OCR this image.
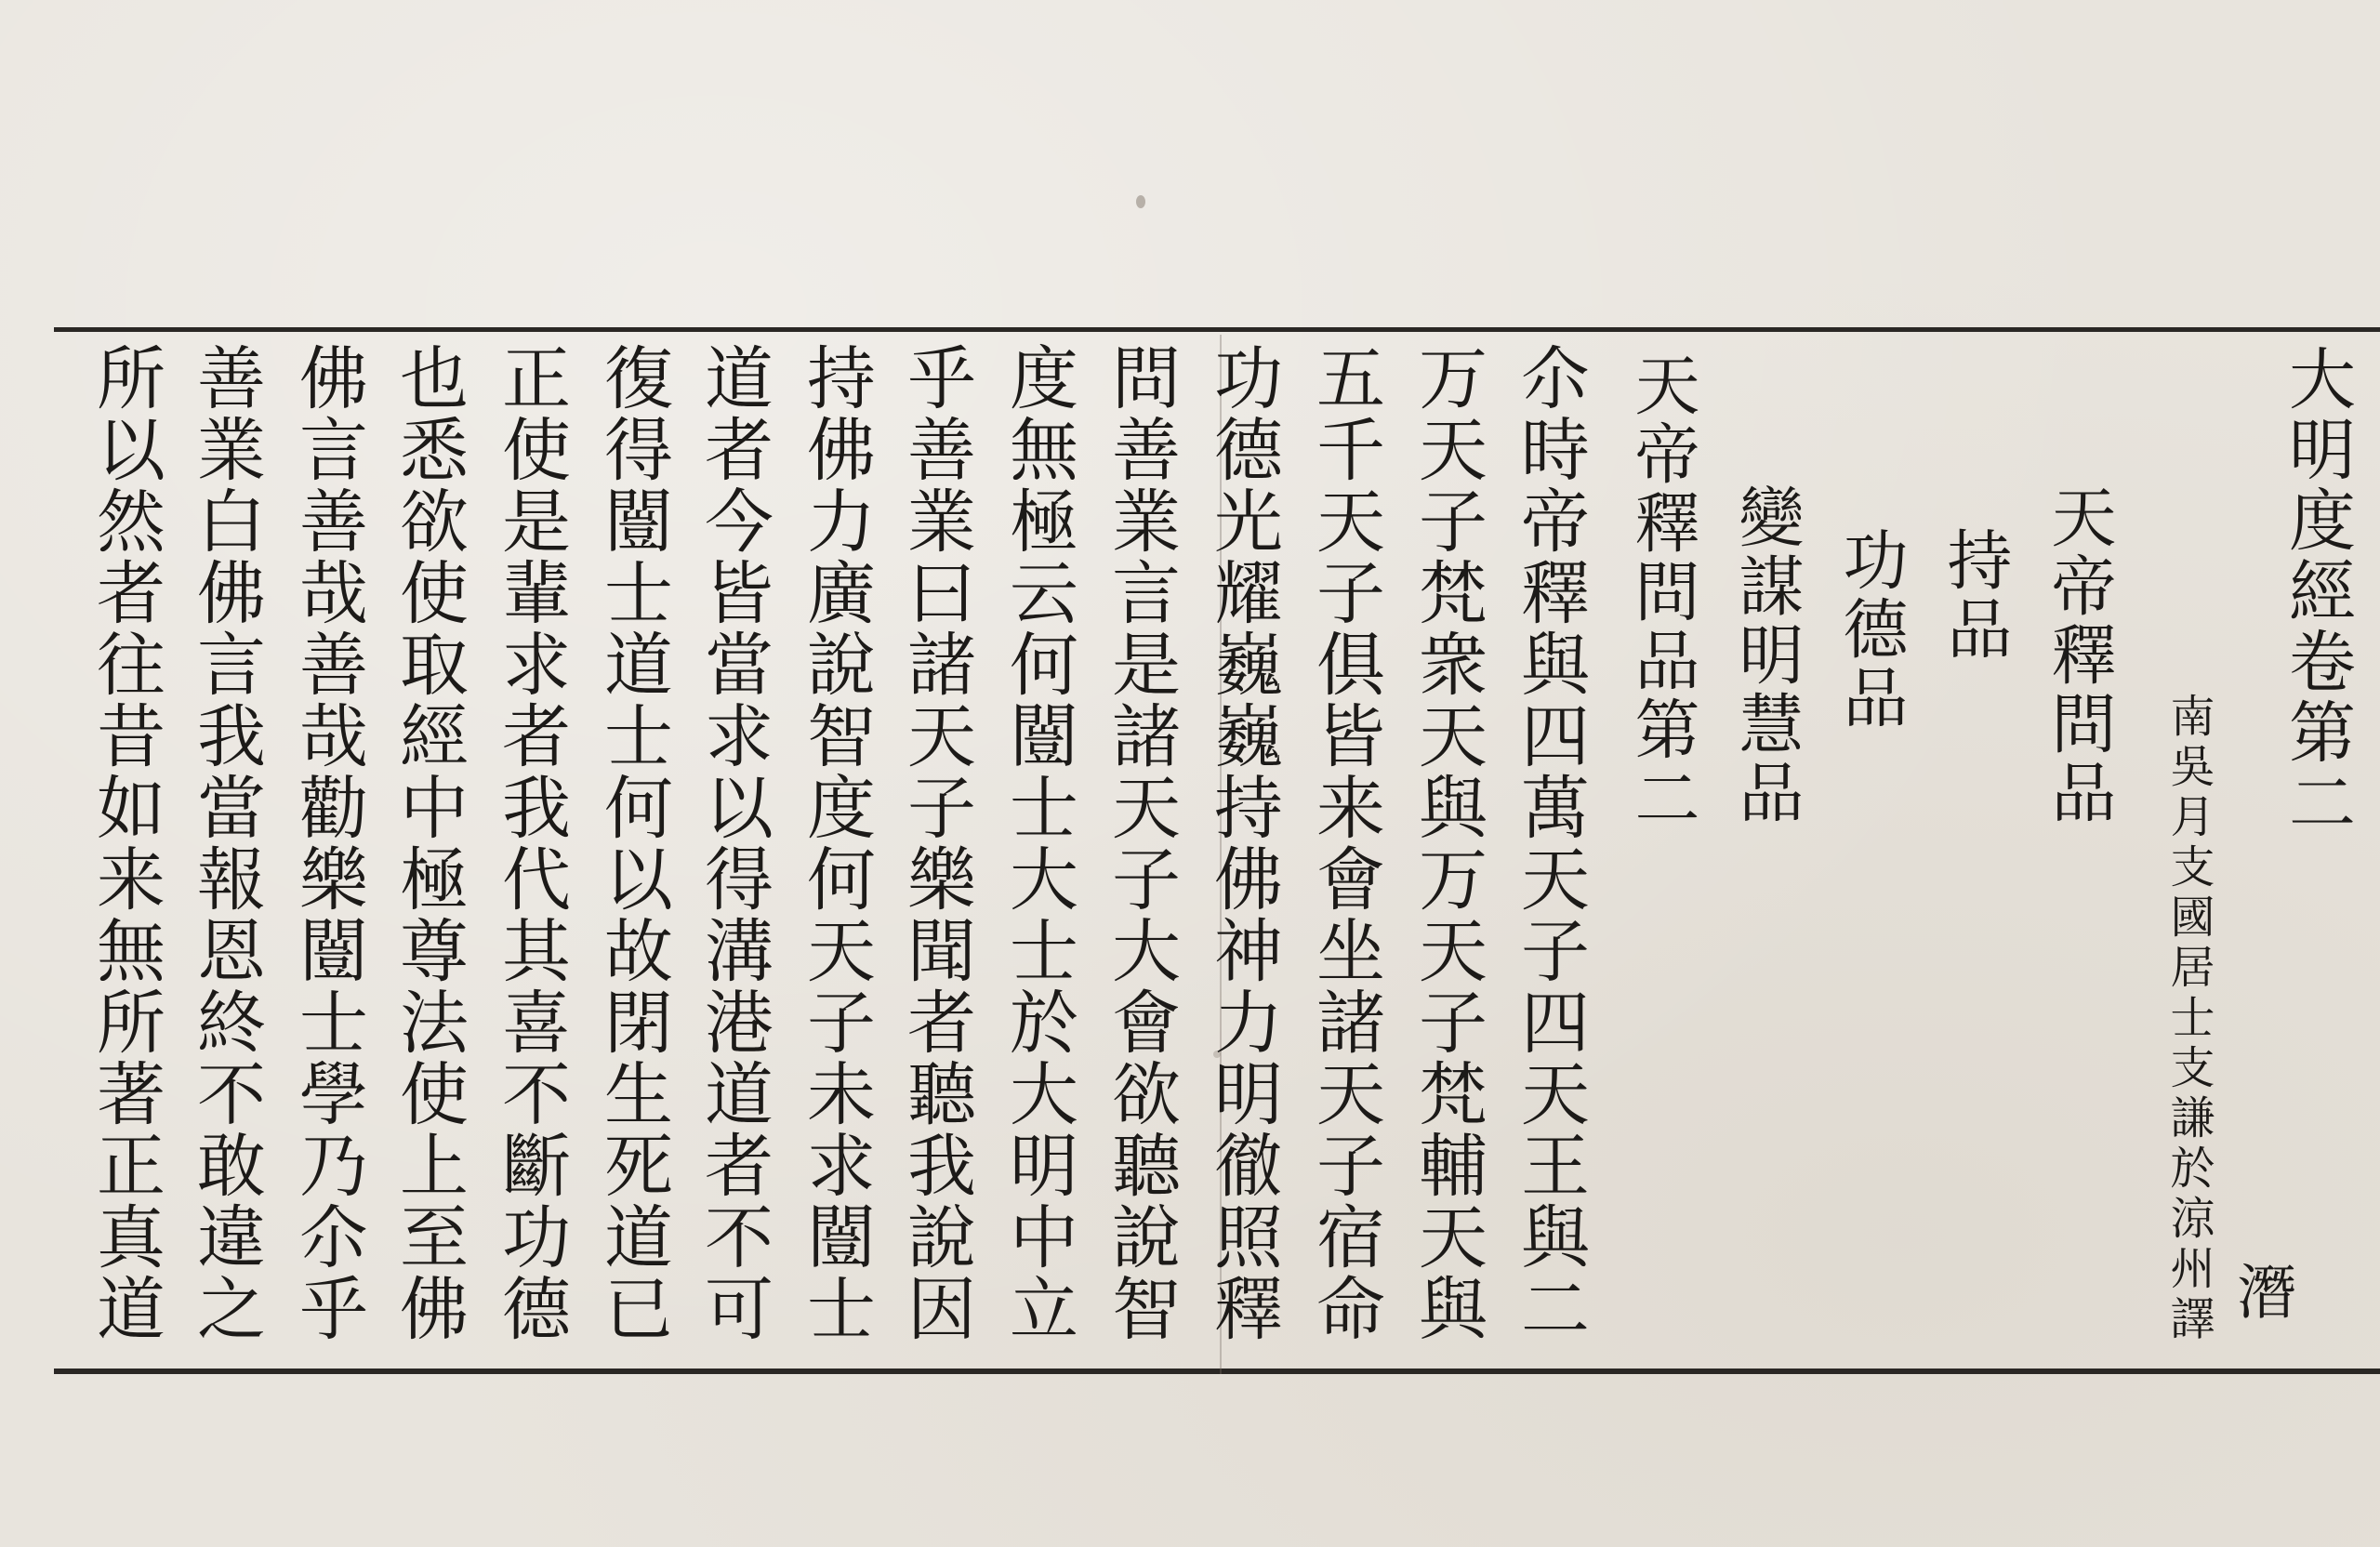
大明度經卷第二
潛
南吳月支國居士支謙於涼州譯
天帝釋問品
持品
功德品
變謀明慧品
天帝釋問品第二
尒時帝釋與四萬天子四天王與二
万天子梵衆天與万天子梵輔天與
五千天子俱皆来會坐諸天子宿命
功德光耀巍巍持佛神力明徹照釋
問善業言是諸天子大會欲聽說智
度無極云何闓士大士於大明中立
乎善業曰諸天子樂聞者聽我說因
持佛力廣說智度何天子未求闓士
道者今皆當求以得溝港道者不可
復得闓士道士何以故閉生死道已
正使是輩求者我代其喜不斷功德
也悉欲使取經中極尊法使上至佛
佛言善哉善哉勸樂闓士學乃尒乎
善業白佛言我當報恩終不敢違之
所以然者往昔如来無所著正真道
